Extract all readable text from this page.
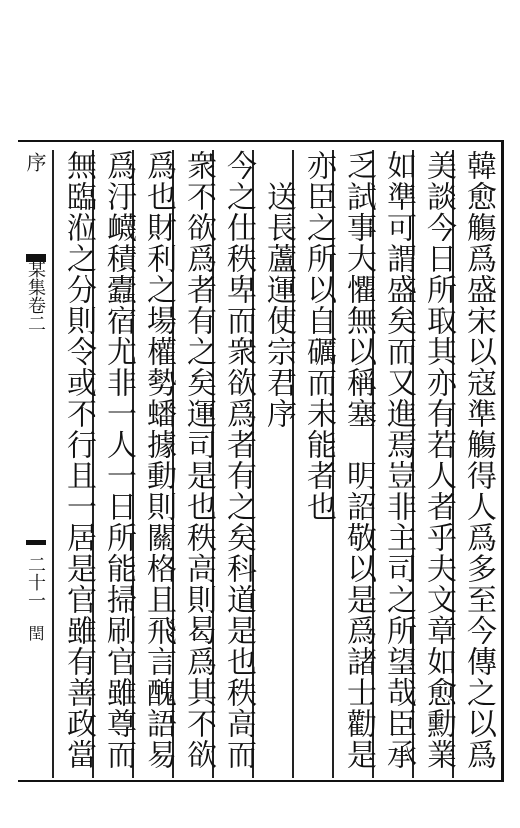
序
某集卷二
二十一
閏	韓愈觴爲盛宋以寇準觴得人爲多至今傳之以爲
美談今日所取其亦有若人者乎夫文章如愈勳業
如準可謂盛矣而又進焉豈非主司之所望哉臣承
乏試事大懼無以稱塞　明詔敬以是爲諸士勸是
亦臣之所以自礪而未能者也
　送長蘆運使宗君序
今之仕秩卑而衆欲爲者有之矣科道是也秩高而
衆不欲爲者有之矣運司是也秩高則曷爲其不欲
爲也財利之場權勢蟠據動則關格且飛言醜語易
爲汙衊積蠹宿尤非一人一日所能掃刷官雖尊而
無臨涖之分則令或不行且一居是官雖有善政當
